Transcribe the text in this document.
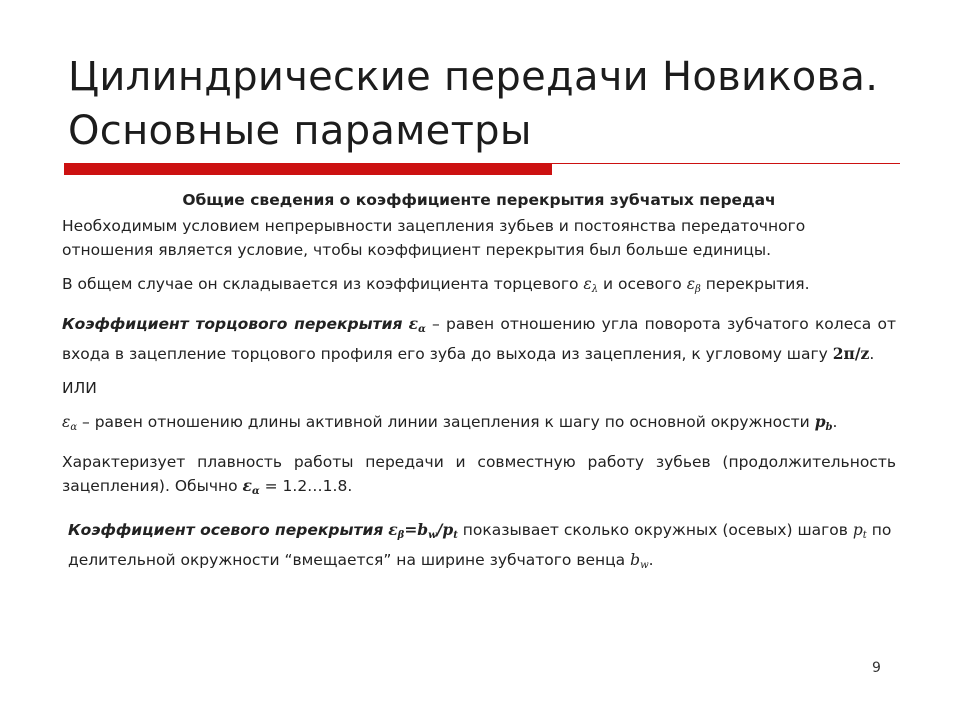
Цилиндрические передачи Новикова. Основные параметры

Общие сведения о коэффициенте перекрытия зубчатых передач

Необходимым условием непрерывности зацепления зубьев и постоянства передаточного отношения является условие, чтобы коэффициент перекрытия был больше единицы.

В общем случае он складывается из коэффициента торцевого $\varepsilon_\lambda$ и осевого $\varepsilon_\beta$ перекрытия.

Коэффициент торцового перекрытия $\varepsilon_\alpha$ – равен отношению угла поворота зубчатого колеса от входа в зацепление торцового профиля его зуба до выхода из зацепления, к угловому шагу 2π/z.

ИЛИ

$\varepsilon_\alpha$ – равен отношению длины активной линии зацепления к шагу по основной окружности $p_b$.

Характеризует плавность работы передачи и совместную работу зубьев (продолжительность зацепления). Обычно $\varepsilon_\alpha$ = 1.2…1.8.

Коэффициент осевого перекрытия $\varepsilon_\beta=b_w/p_t$ показывает сколько окружных (осевых) шагов $p_t$ по делительной окружности “вмещается” на ширине зубчатого венца $b_w$.

9
